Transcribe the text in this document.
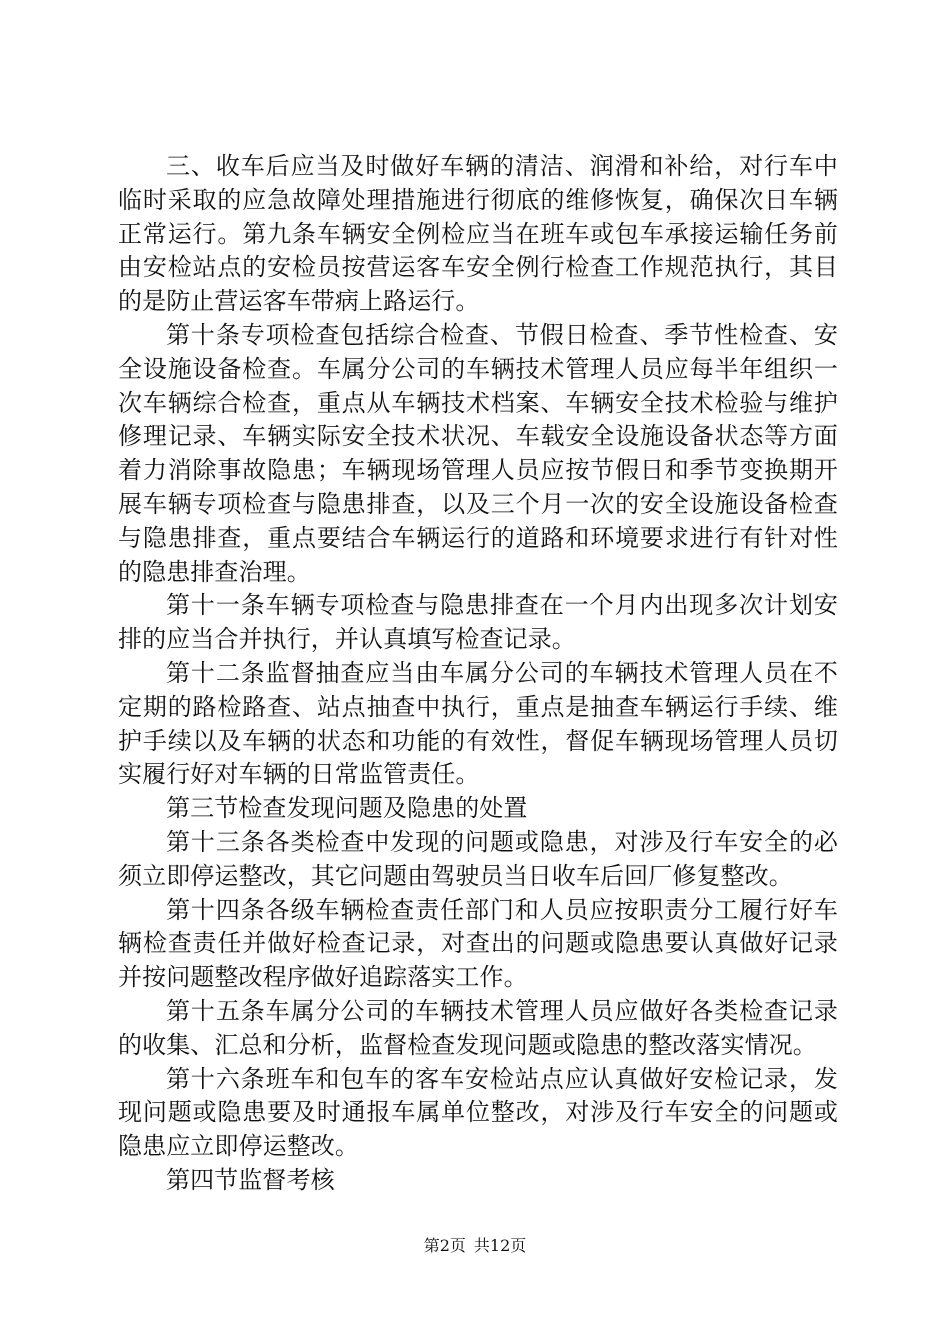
三、收车后应当及时做好车辆的清洁、润滑和补给，对行车中临时采取的应急故障处理措施进行彻底的维修恢复，确保次日车辆正常运行。第九条车辆安全例检应当在班车或包车承接运输任务前由安检站点的安检员按营运客车安全例行检查工作规范执行，其目的是防止营运客车带病上路运行。

第十条专项检查包括综合检查、节假日检查、季节性检查、安全设施设备检查。车属分公司的车辆技术管理人员应每半年组织一次车辆综合检查，重点从车辆技术档案、车辆安全技术检验与维护修理记录、车辆实际安全技术状况、车载安全设施设备状态等方面着力消除事故隐患；车辆现场管理人员应按节假日和季节变换期开展车辆专项检查与隐患排查，以及三个月一次的安全设施设备检查与隐患排查，重点要结合车辆运行的道路和环境要求进行有针对性的隐患排查治理。

第十一条车辆专项检查与隐患排查在一个月内出现多次计划安排的应当合并执行，并认真填写检查记录。

第十二条监督抽查应当由车属分公司的车辆技术管理人员在不定期的路检路查、站点抽查中执行，重点是抽查车辆运行手续、维护手续以及车辆的状态和功能的有效性，督促车辆现场管理人员切实履行好对车辆的日常监管责任。

第三节检查发现问题及隐患的处置

第十三条各类检查中发现的问题或隐患，对涉及行车安全的必须立即停运整改，其它问题由驾驶员当日收车后回厂修复整改。

第十四条各级车辆检查责任部门和人员应按职责分工履行好车辆检查责任并做好检查记录，对查出的问题或隐患要认真做好记录并按问题整改程序做好追踪落实工作。

第十五条车属分公司的车辆技术管理人员应做好各类检查记录的收集、汇总和分析，监督检查发现问题或隐患的整改落实情况。

第十六条班车和包车的客车安检站点应认真做好安检记录，发现问题或隐患要及时通报车属单位整改，对涉及行车安全的问题或隐患应立即停运整改。

第四节监督考核

第2页 共12页
